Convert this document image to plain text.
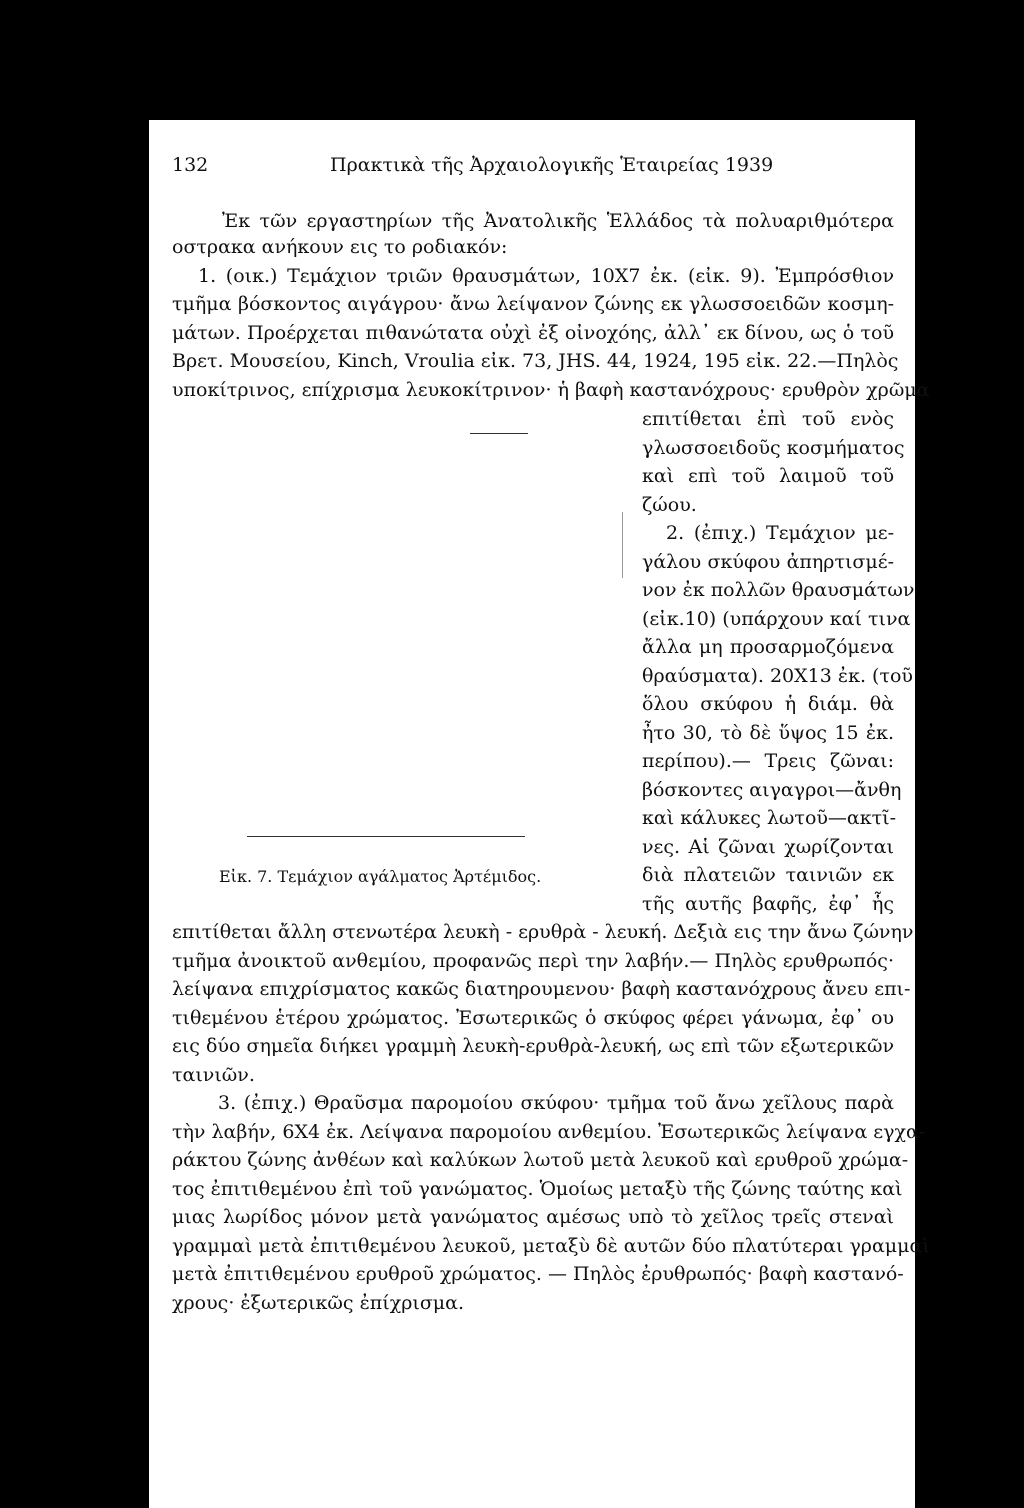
132	Πρακτικὰ τῆς Ἀρχαιολογικῆς Ἑταιρείας 1939
Ἐκ τῶν εργαστηρίων τῆς Ἀνατολικῆς Ἑλλάδος τὰ πολυαριθμότερα
οστρακα ανήκουν εις το ροδιακόν:
1. (οικ.) Τεμάχιον τριῶν θραυσμάτων, 10Χ7 ἐκ. (εἰκ. 9). Ἐμπρόσθιον
τμῆμα βόσκοντος αιγάγρου· ἄνω λείψανον ζώνης εκ γλωσσοειδῶν κοσμη-
μάτων. Προέρχεται πιθανώτατα οὐχὶ ἐξ οἰνοχόης, ἀλλ᾽ εκ δίνου, ως ὁ τοῦ
Βρετ. Μουσείου, Kinch, Vroulia εἰκ. 73, JHS. 44, 1924, 195 εἰκ. 22.—Πηλὸς
υποκίτρινος, επίχρισμα λευκοκίτρινον· ἡ βαφὴ καστανόχρους· ερυθρὸν χρῶμα
επιτίθεται ἐπὶ τοῦ ενὸς
γλωσσοειδοῦς κοσμήματος
καὶ επὶ τοῦ λαιμοῦ τοῦ
ζώου.
2. (ἐπιχ.) Τεμάχιον με-
γάλου σκύφου ἀπηρτισμέ-
νον ἐκ πολλῶν θραυσμάτων
(εἰκ.10) (υπάρχουν καί τινα
ἄλλα μη προσαρμοζόμενα
θραύσματα). 20Χ13 ἐκ. (τοῦ
ὅλου σκύφου ἡ διάμ. θὰ
ἦτο 30, τὸ δὲ ὕψος 15 ἐκ.
περίπου).— Τρεις ζῶναι:
βόσκοντες αιγαγροι—ἄνθη
καὶ κάλυκες λωτοῦ—ακτῖ-
νες. Αἱ ζῶναι χωρίζονται
διὰ πλατειῶν ταινιῶν εκ
τῆς αυτῆς βαφῆς, ἐφ᾽ ἧς
Εἰκ. 7. Τεμάχιον αγάλματος Ἀρτέμιδος.
επιτίθεται ἄλλη στενωτέρα λευκὴ - ερυθρὰ - λευκή. Δεξιὰ εις την ἄνω ζώνην
τμῆμα ἀνοικτοῦ ανθεμίου, προφανῶς περὶ την λαβήν.— Πηλὸς ερυθρωπός·
λείψανα επιχρίσματος κακῶς διατηρουμενου· βαφὴ καστανόχρους ἄνευ επι-
τιθεμένου ἑτέρου χρώματος. Ἐσωτερικῶς ὁ σκύφος φέρει γάνωμα, ἐφ᾽ ου
εις δύο σημεῖα διήκει γραμμὴ λευκὴ-ερυθρὰ-λευκή, ως επὶ τῶν εξωτερικῶν
ταινιῶν.
3. (ἐπιχ.) Θραῦσμα παρομοίου σκύφου· τμῆμα τοῦ ἄνω χεῖλους παρὰ
τὴν λαβήν, 6Χ4 ἐκ. Λείψανα παρομοίου ανθεμίου. Ἐσωτερικῶς λείψανα εγχα-
ράκτου ζώνης ἀνθέων καὶ καλύκων λωτοῦ μετὰ λευκοῦ καὶ ερυθροῦ χρώμα-
τος ἐπιτιθεμένου ἐπὶ τοῦ γανώματος. Ὁμοίως μεταξὺ τῆς ζώνης ταύτης καὶ
μιας λωρίδος μόνον μετὰ γανώματος αμέσως υπὸ τὸ χεῖλος τρεῖς στεναὶ
γραμμαὶ μετὰ ἐπιτιθεμένου λευκοῦ, μεταξὺ δὲ αυτῶν δύο πλατύτεραι γραμμαὶ
μετὰ ἐπιτιθεμένου ερυθροῦ χρώματος. — Πηλὸς ἐρυθρωπός· βαφὴ καστανό-
χρους· ἐξωτερικῶς ἐπίχρισμα.
